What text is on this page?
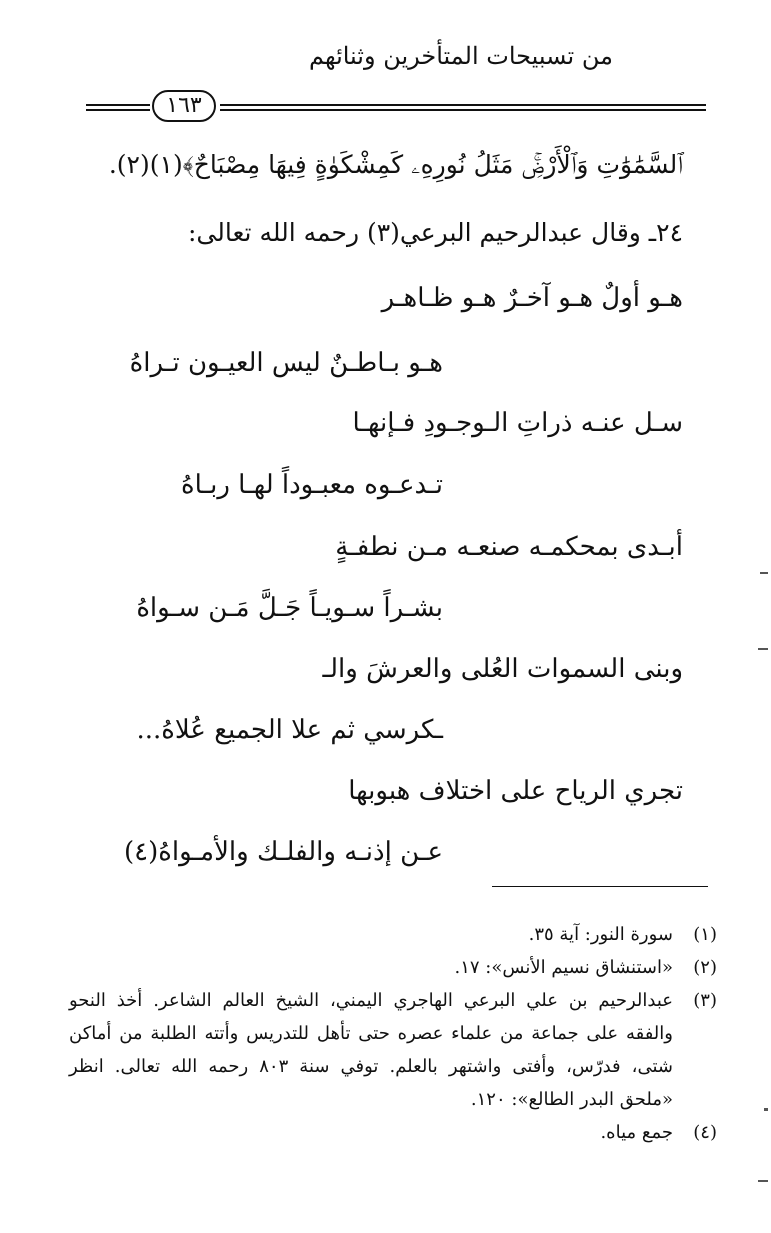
من تسبيحات المتأخرين وثنائهم
١٦٣
ٱلسَّمَٰوَٰتِ وَٱلْأَرْضِۚ مَثَلُ نُورِهِۦ كَمِشْكَوٰةٍ فِيهَا مِصْبَاحٌ﴾(١)(٢).
٢٤ـ وقال عبدالرحيم البرعي(٣) رحمه الله تعالى:
هـو أولٌ هـو آخـرٌ هـو ظـاهـر
هـو بـاطـنٌ ليس العيـون تـراهُ
سـل عنـه ذراتِ الـوجـودِ فـإنهـا
تـدعـوه معبـوداً لهـا ربـاهُ
أبـدى بمحكمـه صنعـه مـن نطفـةٍ
بشـراً سـويـاً جَـلَّ مَـن سـواهُ
وبنى السموات العُلى والعرشَ والـ
ـكرسي ثم علا الجميع عُلاهُ...
تجري الرياح على اختلاف هبوبها
عـن إذنـه والفلـك والأمـواهُ(٤)
(١)
سورة النور: آية ٣٥.
(٢)
«استنشاق نسيم الأنس»: ١٧.
(٣)
عبدالرحيم بن علي البرعي الهاجري اليمني، الشيخ العالم الشاعر. أخذ النحو والفقه على جماعة من علماء عصره حتى تأهل للتدريس وأتته الطلبة من أماكن شتى، فدرّس، وأفتى واشتهر بالعلم. توفي سنة ٨٠٣ رحمه الله تعالى. انظر «ملحق البدر الطالع»: ١٢٠.
(٤)
جمع مياه.
